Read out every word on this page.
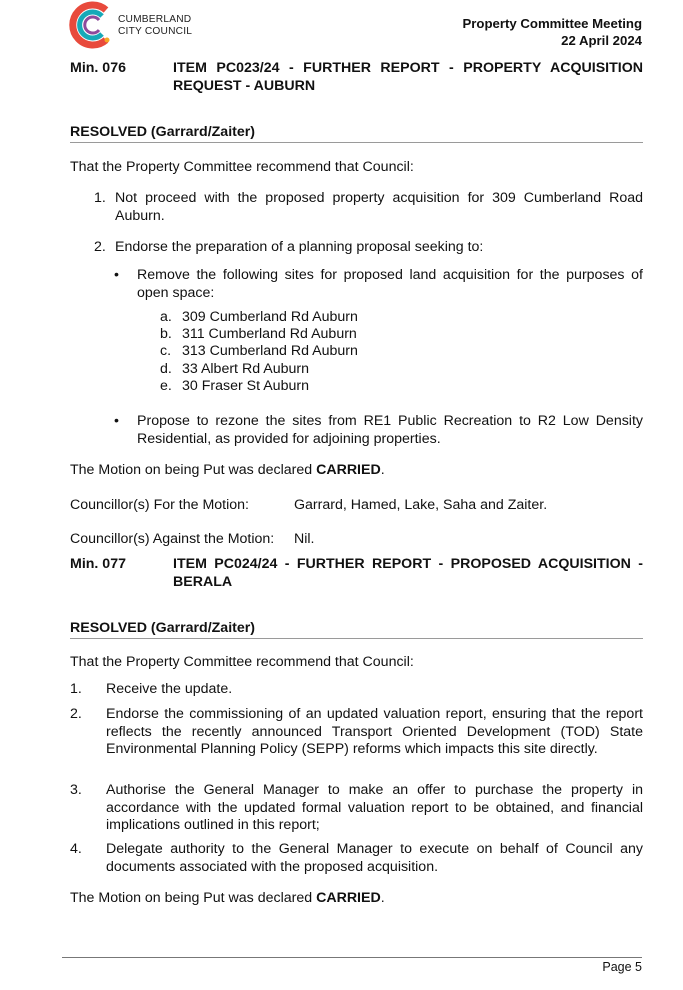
CUMBERLAND
CITY COUNCIL	Property Committee Meeting
22 April 2024
Min. 076	ITEM PC023/24 - FURTHER REPORT - PROPERTY ACQUISITION REQUEST - AUBURN
RESOLVED (Garrard/Zaiter)
That the Property Committee recommend that Council:
1. Not proceed with the proposed property acquisition for 309 Cumberland Road Auburn.
2. Endorse the preparation of a planning proposal seeking to:
• Remove the following sites for proposed land acquisition for the purposes of open space:
a. 309 Cumberland Rd Auburn
b. 311 Cumberland Rd Auburn
c. 313 Cumberland Rd Auburn
d. 33 Albert Rd Auburn
e. 30 Fraser St Auburn
• Propose to rezone the sites from RE1 Public Recreation to R2 Low Density Residential, as provided for adjoining properties.
The Motion on being Put was declared CARRIED.
Councillor(s) For the Motion:	Garrard, Hamed, Lake, Saha and Zaiter.
Councillor(s) Against the Motion: Nil.
Min. 077	ITEM PC024/24 - FURTHER REPORT - PROPOSED ACQUISITION - BERALA
RESOLVED (Garrard/Zaiter)
That the Property Committee recommend that Council:
1. Receive the update.
2. Endorse the commissioning of an updated valuation report, ensuring that the report reflects the recently announced Transport Oriented Development (TOD) State Environmental Planning Policy (SEPP) reforms which impacts this site directly.
3. Authorise the General Manager to make an offer to purchase the property in accordance with the updated formal valuation report to be obtained, and financial implications outlined in this report;
4. Delegate authority to the General Manager to execute on behalf of Council any documents associated with the proposed acquisition.
The Motion on being Put was declared CARRIED.
Page 5
